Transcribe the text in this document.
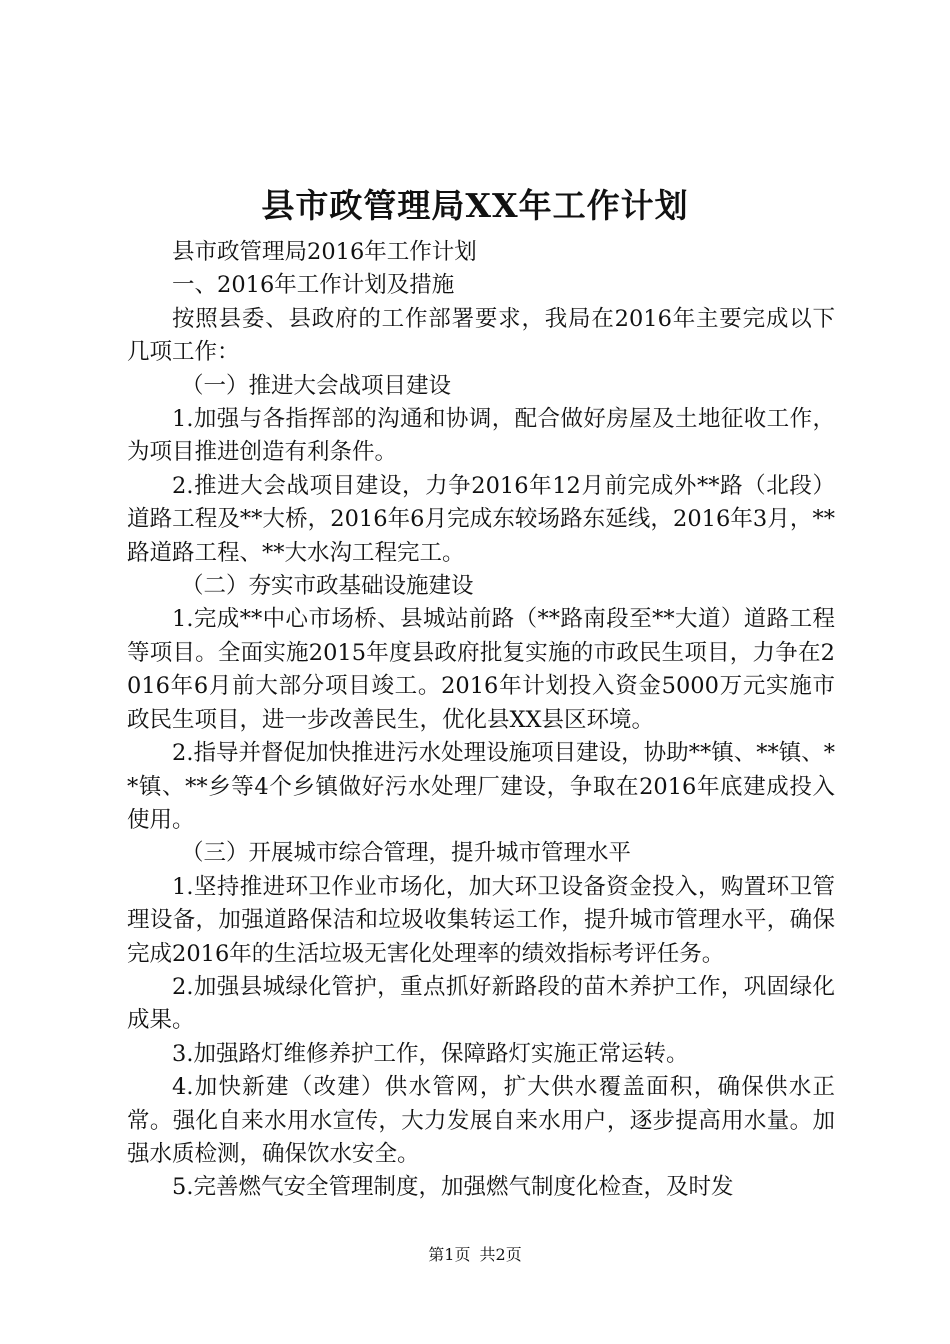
县市政管理局XX年工作计划

县市政管理局2016年工作计划

一、2016年工作计划及措施

按照县委、县政府的工作部署要求，我局在2016年主要完成以下几项工作：

（一）推进大会战项目建设

1.加强与各指挥部的沟通和协调，配合做好房屋及土地征收工作，为项目推进创造有利条件。

2.推进大会战项目建设，力争2016年12月前完成外**路（北段）道路工程及**大桥，2016年6月完成东较场路东延线，2016年3月，**路道路工程、**大水沟工程完工。

（二）夯实市政基础设施建设

1.完成**中心市场桥、县城站前路（**路南段至**大道）道路工程等项目。全面实施2015年度县政府批复实施的市政民生项目，力争在2016年6月前大部分项目竣工。2016年计划投入资金5000万元实施市政民生项目，进一步改善民生，优化县XX县区环境。

2.指导并督促加快推进污水处理设施项目建设，协助**镇、**镇、**镇、**乡等4个乡镇做好污水处理厂建设，争取在2016年底建成投入使用。

（三）开展城市综合管理，提升城市管理水平

1.坚持推进环卫作业市场化，加大环卫设备资金投入，购置环卫管理设备，加强道路保洁和垃圾收集转运工作，提升城市管理水平，确保完成2016年的生活垃圾无害化处理率的绩效指标考评任务。

2.加强县城绿化管护，重点抓好新路段的苗木养护工作，巩固绿化成果。

3.加强路灯维修养护工作，保障路灯实施正常运转。

4.加快新建（改建）供水管网，扩大供水覆盖面积，确保供水正常。强化自来水用水宣传，大力发展自来水用户，逐步提高用水量。加强水质检测，确保饮水安全。

5.完善燃气安全管理制度，加强燃气制度化检查，及时发

第1页 共2页
